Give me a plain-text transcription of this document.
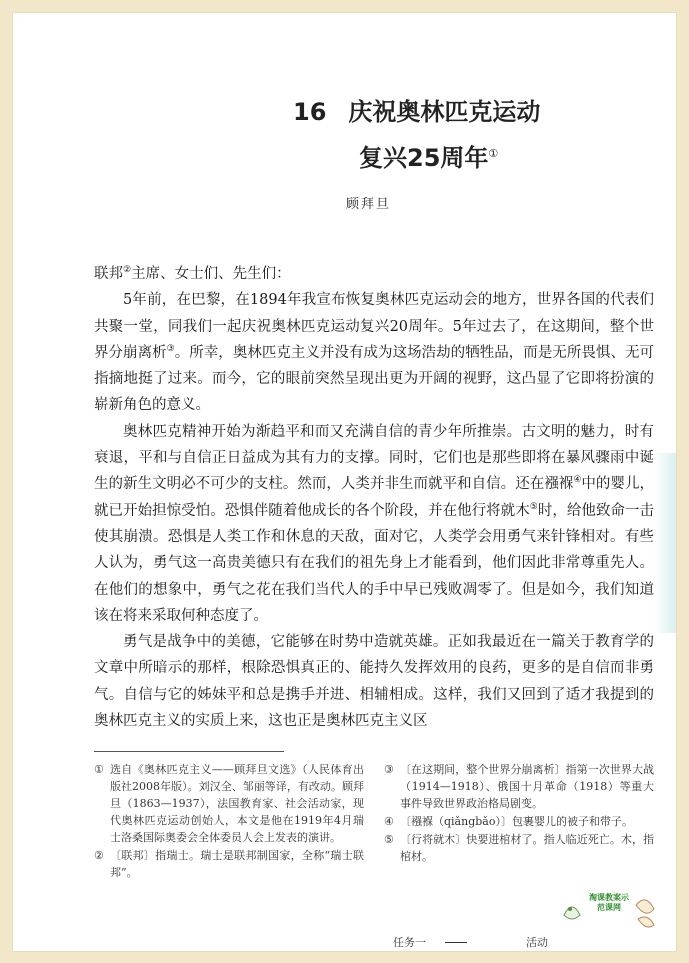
16 庆祝奥林匹克运动
复兴25周年①
顾拜旦

联邦②主席、女士们、先生们：

5年前，在巴黎，在1894年我宣布恢复奥林匹克运动会的地方，世界各国的代表们共聚一堂，同我们一起庆祝奥林匹克运动复兴20周年。5年过去了，在这期间，整个世界分崩离析③。所幸，奥林匹克主义并没有成为这场浩劫的牺牲品，而是无所畏惧、无可指摘地挺了过来。而今，它的眼前突然呈现出更为开阔的视野，这凸显了它即将扮演的崭新角色的意义。

奥林匹克精神开始为渐趋平和而又充满自信的青少年所推崇。古文明的魅力，时有衰退，平和与自信正日益成为其有力的支撑。同时，它们也是那些即将在暴风骤雨中诞生的新生文明必不可少的支柱。然而，人类并非生而就平和自信。还在襁褓④中的婴儿，就已开始担惊受怕。恐惧伴随着他成长的各个阶段，并在他行将就木⑤时，给他致命一击使其崩溃。恐惧是人类工作和休息的天敌，面对它，人类学会用勇气来针锋相对。有些人认为，勇气这一高贵美德只有在我们的祖先身上才能看到，他们因此非常尊重先人。在他们的想象中，勇气之花在我们当代人的手中早已残败凋零了。但是如今，我们知道该在将来采取何种态度了。

勇气是战争中的美德，它能够在时势中造就英雄。正如我最近在一篇关于教育学的文章中所暗示的那样，根除恐惧真正的、能持久发挥效用的良药，更多的是自信而非勇气。自信与它的姊妹平和总是携手并进、相辅相成。这样，我们又回到了适才我提到的奥林匹克主义的实质上来，这也正是奥林匹克主义区

① 选自《奥林匹克主义——顾拜旦文选》（人民体育出版社2008年版）。刘汉全、邹丽等译，有改动。顾拜旦（1863—1937），法国教育家、社会活动家，现代奥林匹克运动创始人，本文是他在1919年4月瑞士洛桑国际奥委会全体委员人会上发表的演讲。
② 〔联邦〕指瑞士。瑞士是联邦制国家，全称“瑞士联邦”。
③ 〔在这期间，整个世界分崩离析〕指第一次世界大战（1914—1918）、俄国十月革命（1918）等重大事件导致世界政治格局剧变。
④ 〔襁褓（qiǎngbǎo）〕包裹婴儿的被子和带子。
⑤ 〔行将就木〕快要进棺材了。指人临近死亡。木，指棺材。
任务一	活动
淘课教案示范课网
